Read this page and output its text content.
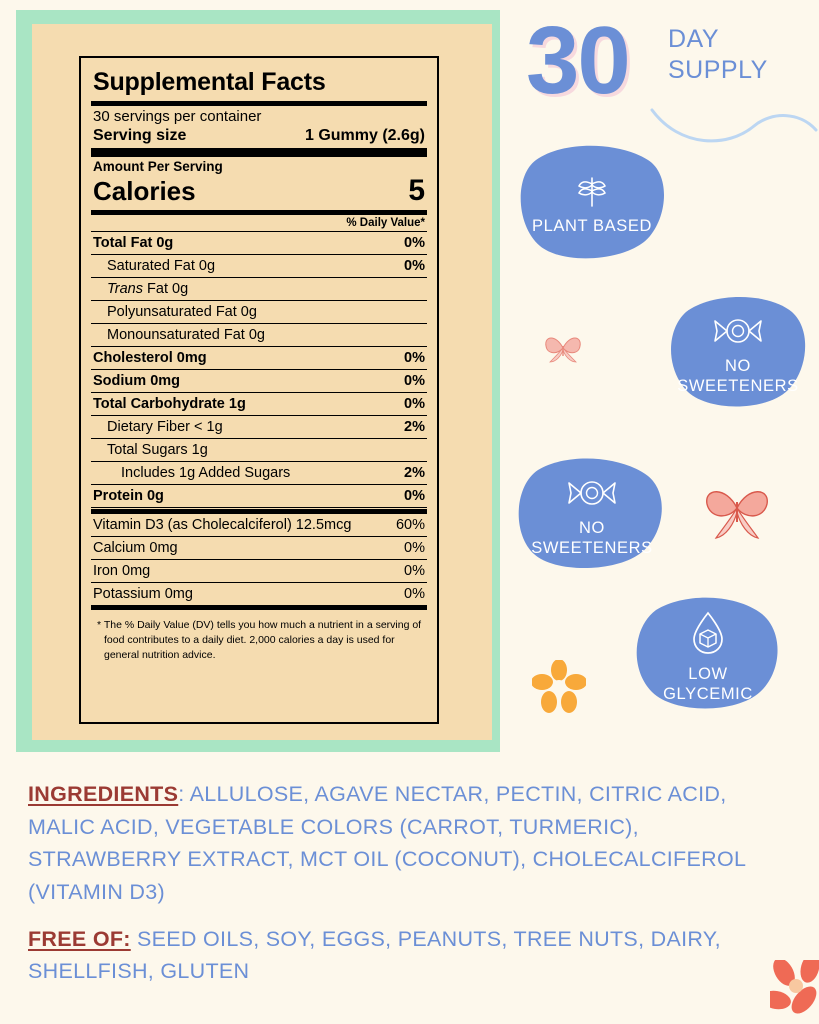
Supplemental Facts
30 servings per container
Serving size	1 Gummy (2.6g)
Amount Per Serving
Calories	5
% Daily Value*
Total Fat 0g	0%
Saturated Fat 0g	0%
Trans Fat 0g
Polyunsaturated Fat 0g
Monounsaturated Fat 0g
Cholesterol 0mg	0%
Sodium 0mg	0%
Total Carbohydrate 1g	0%
Dietary Fiber < 1g	2%
Total Sugars 1g
Includes 1g Added Sugars	2%
Protein 0g	0%
Vitamin D3 (as Cholecalciferol) 12.5mcg	60%
Calcium 0mg	0%
Iron 0mg	0%
Potassium 0mg	0%
* The % Daily Value (DV) tells you how much a nutrient in a serving of food contributes to a daily diet. 2,000 calories a day is used for general nutrition advice.
30 DAY
SUPPLY
PLANT BASED
NO
SWEETENERS
NO
SWEETENERS
LOW
GLYCEMIC
INGREDIENTS: ALLULOSE, AGAVE NECTAR, PECTIN, CITRIC ACID, MALIC ACID, VEGETABLE COLORS (CARROT, TURMERIC), STRAWBERRY EXTRACT, MCT OIL (COCONUT), CHOLECALCIFEROL (VITAMIN D3)
FREE OF: SEED OILS, SOY, EGGS, PEANUTS, TREE NUTS, DAIRY, SHELLFISH, GLUTEN
